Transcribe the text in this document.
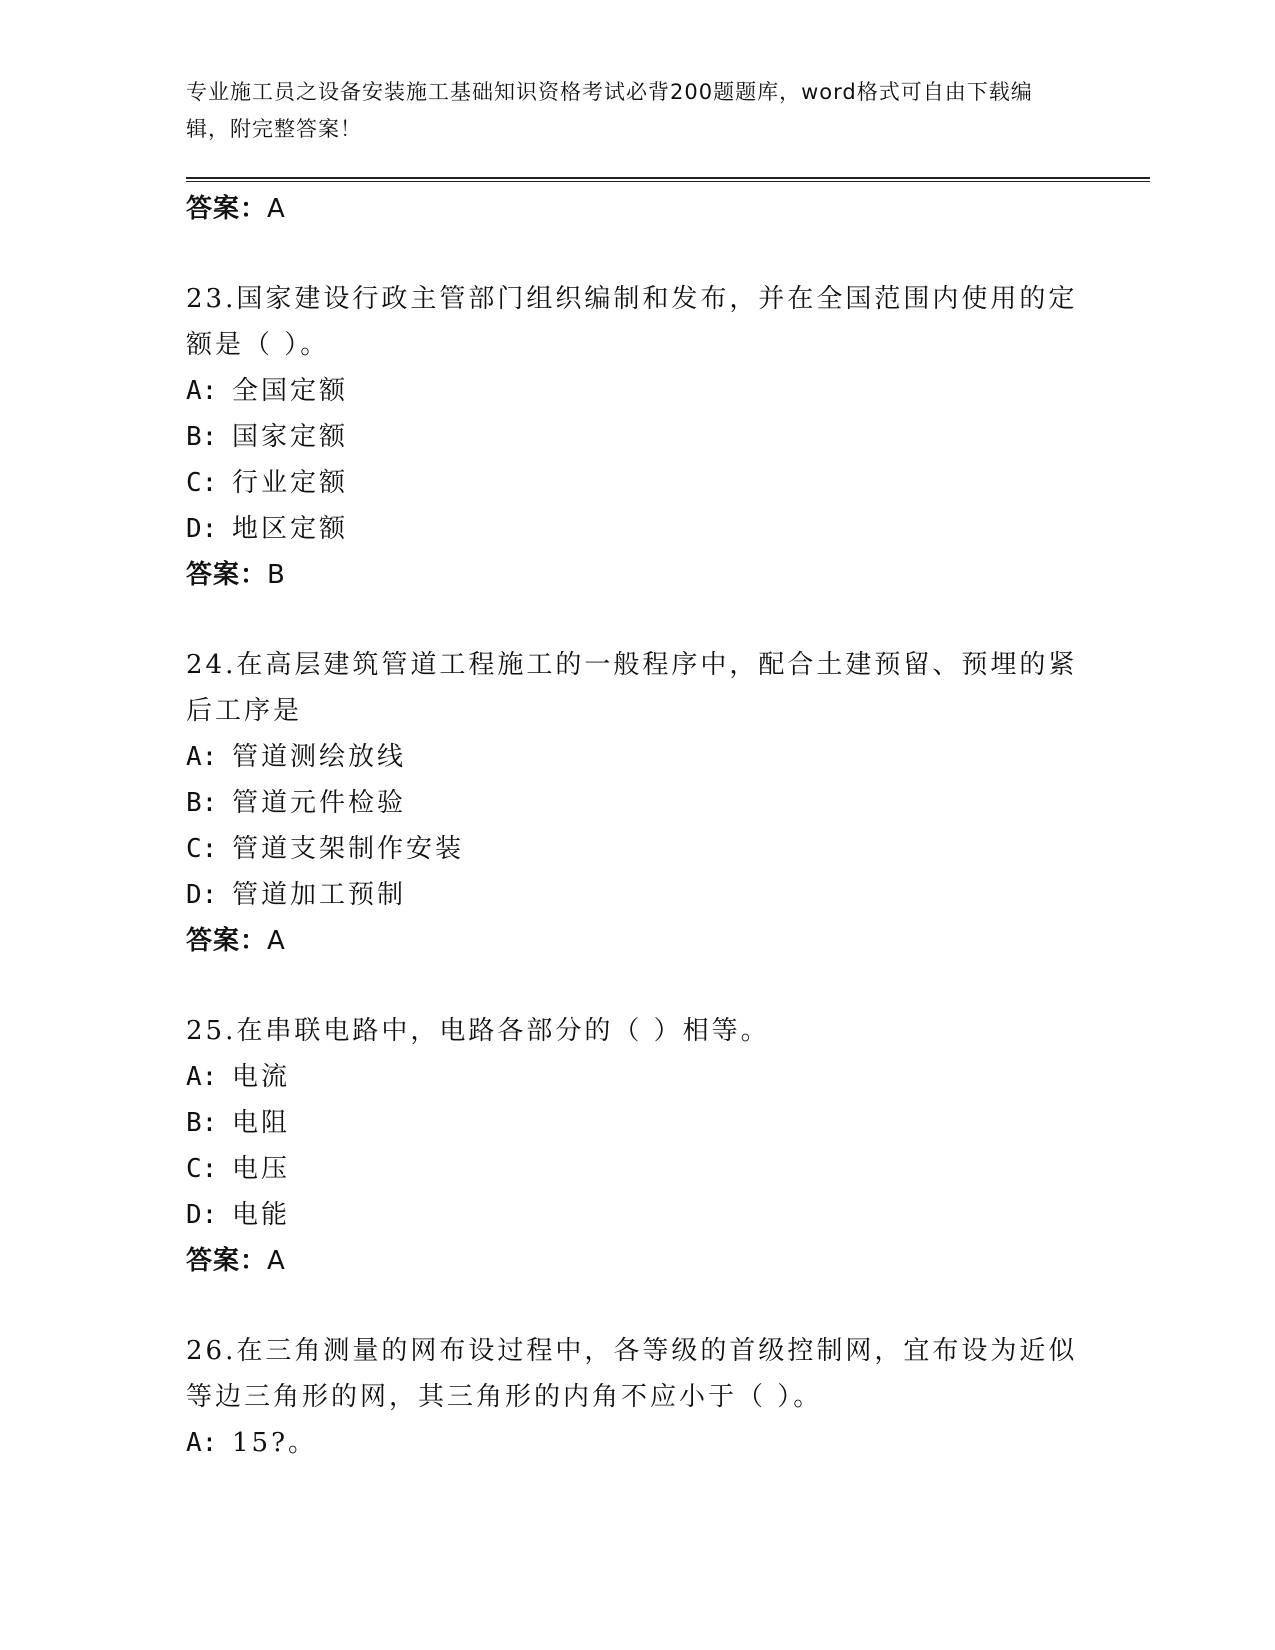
专业施工员之设备安装施工基础知识资格考试必背200题题库，word格式可自由下载编辑，附完整答案！
答案：A

23.国家建设行政主管部门组织编制和发布，并在全国范围内使用的定额是（ ）。

A: 全国定额
B: 国家定额
C: 行业定额
D: 地区定额
答案：B

24.在高层建筑管道工程施工的一般程序中，配合土建预留、预埋的紧后工序是

A: 管道测绘放线
B: 管道元件检验
C: 管道支架制作安装
D: 管道加工预制
答案：A

25.在串联电路中，电路各部分的（ ）相等。

A: 电流
B: 电阻
C: 电压
D: 电能
答案：A

26.在三角测量的网布设过程中，各等级的首级控制网，宜布设为近似等边三角形的网，其三角形的内角不应小于（ ）。

A: 15?。
